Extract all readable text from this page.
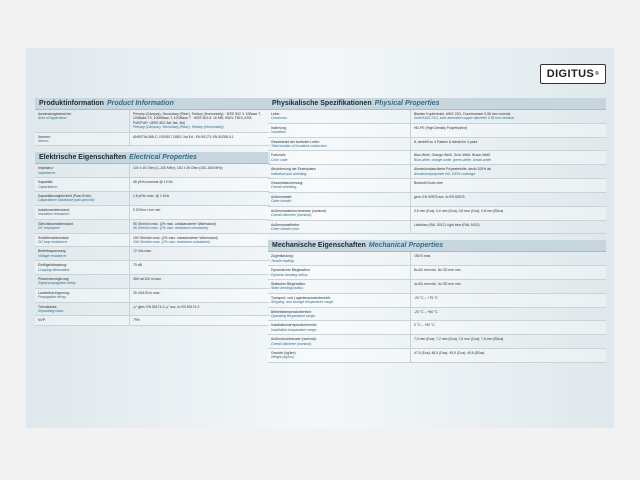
DIGITUS ®
Produktinformation Product Information
Anwendungsbereiche:
Area of Application:
Primary (Campus), Secondary (Riser), Tertiary (Horizontally) · IEEE 802.3: 10Base-T, 100Base-TX, 1000Base-T, 10GBase-T · IEEE 802.5: 16 MB; ISDN; FDDI; ATM; PoE/PoE+ (IEEE 802.3af; 3at; 3bt)
Primary (Campus), Secondary (Riser), Tertiary (Horizontally)
Normen:
Norms:
ANSI/TIA-568-C; ISO/IEC 11801 3rd Ed.; EN 50173; EN 50288-9-1
Elektrische Eigenschaften Electrical Properties
Impedanz:
Impedance:
100 ± 15 Ohm (1–100 MHz); 100 ± 25 Ohm (100–600 MHz)
Kapazität:
Capacitance:
45 pF/m nominal @ 1 KHz
Kapazitätsungleichheit (Paar-Erde):
Capacitance unbalance (pair-ground):
1,6 pF/m max. @ 1 KHz
Isolationswiderstand:
Insulation resistance:
5 GOhm x km min.
Gleichstromwiderstand:
DC resistance:
95 Ohm/km max. (2% max. unbalancierter Widerstand)
95 Ohm/km max. (2% max. resistance unbalance)
Schleifenwiderstand:
DC loop resistance:
190 Ohm/km max. (2% max. unbalancierter Widerstand)
190 Ohm/km max. (2% max. resistance unbalance)
Betriebsspannung:
Voltage resistance:
72 Vdc max.
Einflügeldämpfung:
Coupling attenuation:
70 dB
Phasenverzögerung:
Signal propagation delay:
450 ns/100 m max.
Laufzeitverzögerung:
Propagation delay:
25 nS/100 m max.
Trennklasse:
Separating class:
„c“ gem. EN 50174-2 „c“ acc. to EN 50174-2
NVP:	79%
Physikalische Spezifikationen Physical Properties
Leiter:
Conductor:
Blanker Kupferdraht, AWG 23/1, Durchmesser 0,56 mm nominal
Solid AWG 23/1, bare annealed copper diameter 0.56 mm nominal
Isolierung:
Insulation:
HD-PE (High Density Polyethylene)
Gesamtzahl der isolierten Leiter:
Total number of insulated conductors:
8, verdrillt zu 4 Paaren & twisted in 4 pairs
Farbcode:
Color code:
Blau-Weiß, Orange-Weiß, Grün-Weiß, Braun-Weiß
Blue-white, orange-white, green-white, brown-white
Abschirmung der Einzelpaare:
Individual pair shielding:
Aluminiumkaschierte Polyesterfolie, deckt 100% ab
Aluminium/polyester foil, 100% coverage
Gesamtabschirmung:
Overall shielding:
Beidruht Drain wire
Außenmantel:
Outer sheath:
gem. EN 50575 acc. to EN 50575
Außenmanteldurchmesser (nominal):
Overall diameter (nominal):
0,5 mm (Eca); 0,6 mm (Dca); 0,8 mm (Cca); 0,8 mm (B2ca)
Außenmantelfarbe:
Outer sheath color:
Lichtblau (RAL 5012) Light blue (RAL 5012)
Mechanische Eigenschaften Mechanical Properties
Zugentlastung:
Tensile loading:
150 N max.
Dynamischer Biegeradius:
Dynamic bending radius:
8x AD mm min. 8x OD mm min.
Statischer Biegeradius:
Static bending radius:
4x AD mm min. 4x OD mm min.
Transport- und Lagertemperaturbereich:
Shipping- and storage temperature range:
-20 °C – +75 °C
Betriebstemperaturbereich:
Operating temperature range:
-20 °C – +60 °C
Installationstemperaturbereich:
Installation temperature range:
0 °C – +50 °C
Außendurchmesser (nominal):
Overall diameter (nominal):
7,0 mm (Eca); 7,2 mm (Dca); 7,6 mm (Cca); 7,6 mm (B2ca)
Gewicht (kg/km):
Weight (kg/km):
47,5 (Eca); 48,5 (Dca); 49,5 (Cca); 49,5 (B2ca)
